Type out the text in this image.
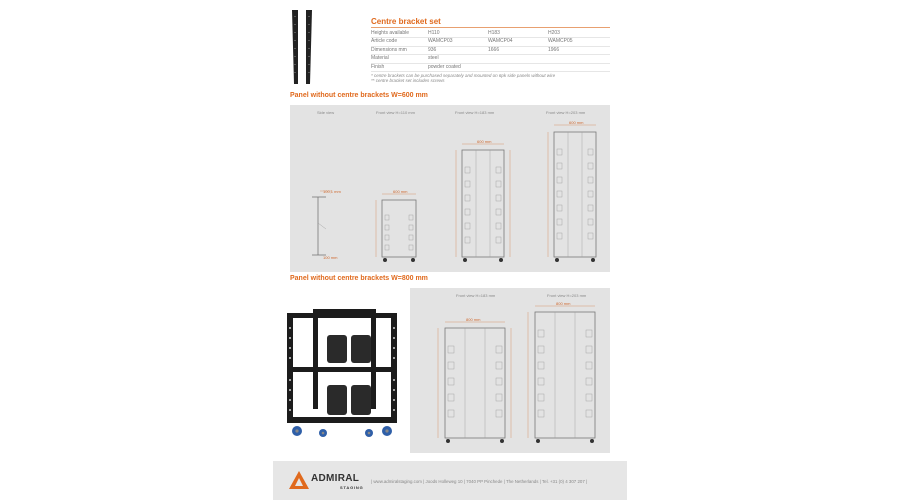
Centre bracket set
Heights available	H110	H183	H203
Article code	WAMCP03	WAMCP04	WAMCP05
Dimensions mm	936	1666	1966
Material	steel
Finish	powder coated
* centre brackets can be purchased separately and mounted on 6pk side panels without wire
** centre bracket set includes screws
Panel without centre brackets W=600 mm
Side view	Front view H=110 mm	Front view H=183 mm	Front view H=203 mm
100,1 mm
100 mm
600 mm
600 mm
600 mm
Panel without centre brackets W=800 mm
Front view H=183 mm	Front view H=203 mm
800 mm
800 mm
ADMIRAL
STAGING
| www.admiralstaging.com | Joods Holleweg 10 | 7040 PP Pinchede | The Netherlands | Tel. +31 (0) 4 307 207 |
